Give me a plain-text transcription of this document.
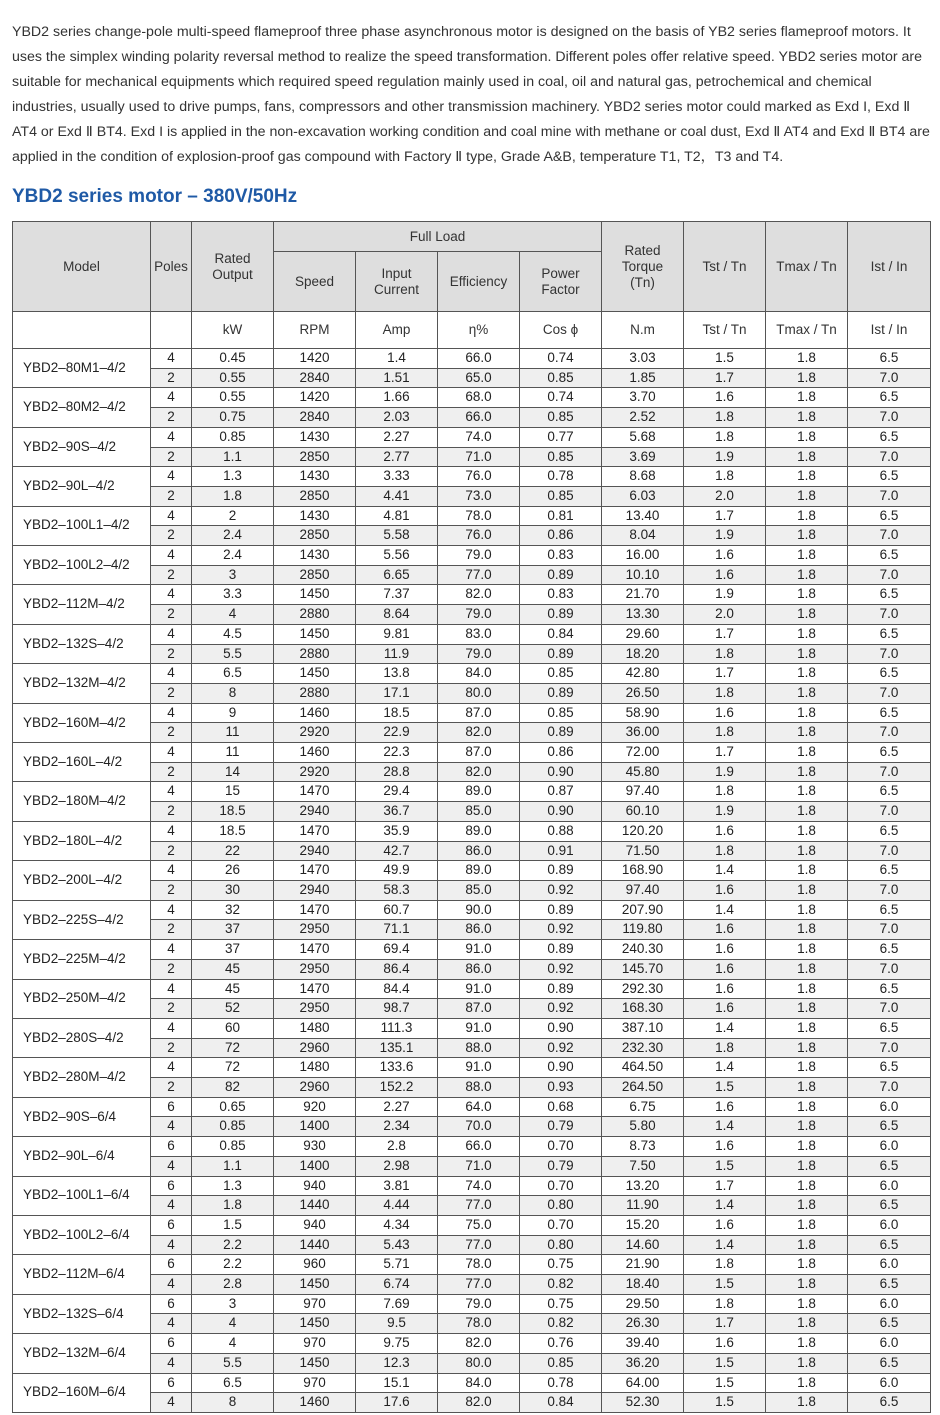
YBD2 series change-pole multi-speed flameproof three phase asynchronous motor is designed on the basis of YB2 series flameproof motors. It uses the simplex winding polarity reversal method to realize the speed transformation. Different poles offer relative speed. YBD2 series motor are suitable for mechanical equipments which required speed regulation mainly used in coal, oil and natural gas, petrochemical and chemical industries, usually used to drive pumps, fans, compressors and other transmission machinery. YBD2 series motor could marked as Exd I, Exd Ⅱ AT4 or Exd Ⅱ BT4. Exd I is applied in the non-excavation working condition and coal mine with methane or coal dust, Exd Ⅱ AT4 and Exd Ⅱ BT4 are applied in the condition of explosion-proof gas compound with Factory Ⅱ type, Grade A&B, temperature T1, T2，T3 and T4.

YBD2 series motor – 380V/50Hz
Model	Poles	Rated Output	Full Load				Rated Torque (Tn)	Tst / Tn	Tmax / Tn	Ist / In
			Speed	Input Current	Efficiency	Power Factor				
		kW	RPM	Amp	η%	Cos ϕ	N.m	Tst / Tn	Tmax / Tn	Ist / In
YBD2–80M1–4/2	4	0.45	1420	1.4	66.0	0.74	3.03	1.5	1.8	6.5
	2	0.55	2840	1.51	65.0	0.85	1.85	1.7	1.8	7.0
YBD2–80M2–4/2	4	0.55	1420	1.66	68.0	0.74	3.70	1.6	1.8	6.5
	2	0.75	2840	2.03	66.0	0.85	2.52	1.8	1.8	7.0
YBD2–90S–4/2	4	0.85	1430	2.27	74.0	0.77	5.68	1.8	1.8	6.5
	2	1.1	2850	2.77	71.0	0.85	3.69	1.9	1.8	7.0
YBD2–90L–4/2	4	1.3	1430	3.33	76.0	0.78	8.68	1.8	1.8	6.5
	2	1.8	2850	4.41	73.0	0.85	6.03	2.0	1.8	7.0
YBD2–100L1–4/2	4	2	1430	4.81	78.0	0.81	13.40	1.7	1.8	6.5
	2	2.4	2850	5.58	76.0	0.86	8.04	1.9	1.8	7.0
YBD2–100L2–4/2	4	2.4	1430	5.56	79.0	0.83	16.00	1.6	1.8	6.5
	2	3	2850	6.65	77.0	0.89	10.10	1.6	1.8	7.0
YBD2–112M–4/2	4	3.3	1450	7.37	82.0	0.83	21.70	1.9	1.8	6.5
	2	4	2880	8.64	79.0	0.89	13.30	2.0	1.8	7.0
YBD2–132S–4/2	4	4.5	1450	9.81	83.0	0.84	29.60	1.7	1.8	6.5
	2	5.5	2880	11.9	79.0	0.89	18.20	1.8	1.8	7.0
YBD2–132M–4/2	4	6.5	1450	13.8	84.0	0.85	42.80	1.7	1.8	6.5
	2	8	2880	17.1	80.0	0.89	26.50	1.8	1.8	7.0
YBD2–160M–4/2	4	9	1460	18.5	87.0	0.85	58.90	1.6	1.8	6.5
	2	11	2920	22.9	82.0	0.89	36.00	1.8	1.8	7.0
YBD2–160L–4/2	4	11	1460	22.3	87.0	0.86	72.00	1.7	1.8	6.5
	2	14	2920	28.8	82.0	0.90	45.80	1.9	1.8	7.0
YBD2–180M–4/2	4	15	1470	29.4	89.0	0.87	97.40	1.8	1.8	6.5
	2	18.5	2940	36.7	85.0	0.90	60.10	1.9	1.8	7.0
YBD2–180L–4/2	4	18.5	1470	35.9	89.0	0.88	120.20	1.6	1.8	6.5
	2	22	2940	42.7	86.0	0.91	71.50	1.8	1.8	7.0
YBD2–200L–4/2	4	26	1470	49.9	89.0	0.89	168.90	1.4	1.8	6.5
	2	30	2940	58.3	85.0	0.92	97.40	1.6	1.8	7.0
YBD2–225S–4/2	4	32	1470	60.7	90.0	0.89	207.90	1.4	1.8	6.5
	2	37	2950	71.1	86.0	0.92	119.80	1.6	1.8	7.0
YBD2–225M–4/2	4	37	1470	69.4	91.0	0.89	240.30	1.6	1.8	6.5
	2	45	2950	86.4	86.0	0.92	145.70	1.6	1.8	7.0
YBD2–250M–4/2	4	45	1470	84.4	91.0	0.89	292.30	1.6	1.8	6.5
	2	52	2950	98.7	87.0	0.92	168.30	1.6	1.8	7.0
YBD2–280S–4/2	4	60	1480	111.3	91.0	0.90	387.10	1.4	1.8	6.5
	2	72	2960	135.1	88.0	0.92	232.30	1.8	1.8	7.0
YBD2–280M–4/2	4	72	1480	133.6	91.0	0.90	464.50	1.4	1.8	6.5
	2	82	2960	152.2	88.0	0.93	264.50	1.5	1.8	7.0
YBD2–90S–6/4	6	0.65	920	2.27	64.0	0.68	6.75	1.6	1.8	6.0
	4	0.85	1400	2.34	70.0	0.79	5.80	1.4	1.8	6.5
YBD2–90L–6/4	6	0.85	930	2.8	66.0	0.70	8.73	1.6	1.8	6.0
	4	1.1	1400	2.98	71.0	0.79	7.50	1.5	1.8	6.5
YBD2–100L1–6/4	6	1.3	940	3.81	74.0	0.70	13.20	1.7	1.8	6.0
	4	1.8	1440	4.44	77.0	0.80	11.90	1.4	1.8	6.5
YBD2–100L2–6/4	6	1.5	940	4.34	75.0	0.70	15.20	1.6	1.8	6.0
	4	2.2	1440	5.43	77.0	0.80	14.60	1.4	1.8	6.5
YBD2–112M–6/4	6	2.2	960	5.71	78.0	0.75	21.90	1.8	1.8	6.0
	4	2.8	1450	6.74	77.0	0.82	18.40	1.5	1.8	6.5
YBD2–132S–6/4	6	3	970	7.69	79.0	0.75	29.50	1.8	1.8	6.0
	4	4	1450	9.5	78.0	0.82	26.30	1.7	1.8	6.5
YBD2–132M–6/4	6	4	970	9.75	82.0	0.76	39.40	1.6	1.8	6.0
	4	5.5	1450	12.3	80.0	0.85	36.20	1.5	1.8	6.5
YBD2–160M–6/4	6	6.5	970	15.1	84.0	0.78	64.00	1.5	1.8	6.0
	4	8	1460	17.6	82.0	0.84	52.30	1.5	1.8	6.5
